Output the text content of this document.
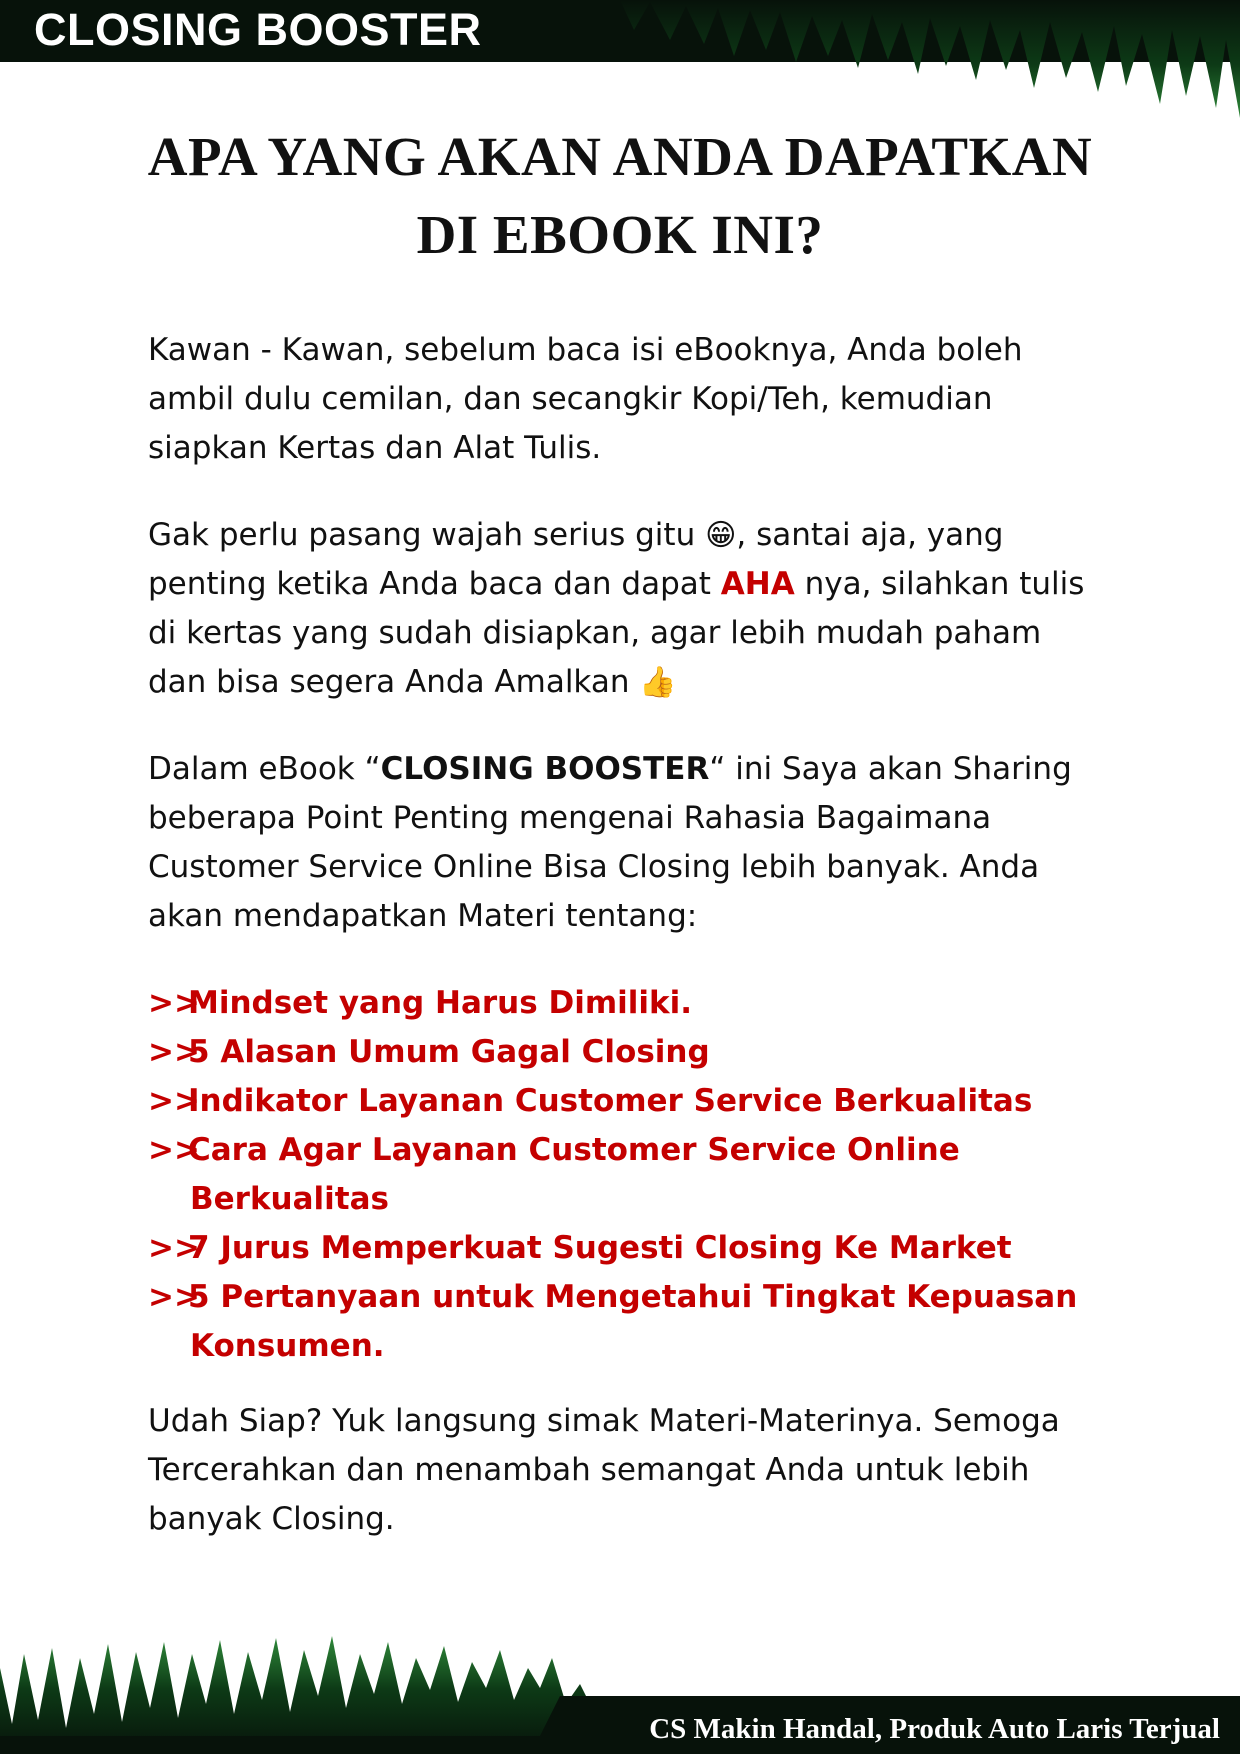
CLOSING BOOSTER
APA YANG AKAN ANDA DAPATKAN
DI EBOOK INI?

Kawan - Kawan, sebelum baca isi eBooknya, Anda boleh ambil dulu cemilan, dan secangkir Kopi/Teh, kemudian siapkan Kertas dan Alat Tulis.

Gak perlu pasang wajah serius gitu 😁, santai aja, yang penting ketika Anda baca dan dapat AHA nya, silahkan tulis di kertas yang sudah disiapkan, agar lebih mudah paham dan bisa segera Anda Amalkan 👍

Dalam eBook “CLOSING BOOSTER“ ini Saya akan Sharing beberapa Point Penting mengenai Rahasia Bagaimana Customer Service Online Bisa Closing lebih banyak. Anda akan mendapatkan Materi tentang:

>>Mindset yang Harus Dimiliki.
>>5 Alasan Umum Gagal Closing
>>Indikator Layanan Customer Service Berkualitas
>>Cara Agar Layanan Customer Service Online Berkualitas
>>7 Jurus Memperkuat Sugesti Closing Ke Market
>>5 Pertanyaan untuk Mengetahui Tingkat Kepuasan Konsumen.

Udah Siap? Yuk langsung simak Materi-Materinya. Semoga Tercerahkan dan menambah semangat Anda untuk lebih banyak Closing.

CS Makin Handal, Produk Auto Laris Terjual
